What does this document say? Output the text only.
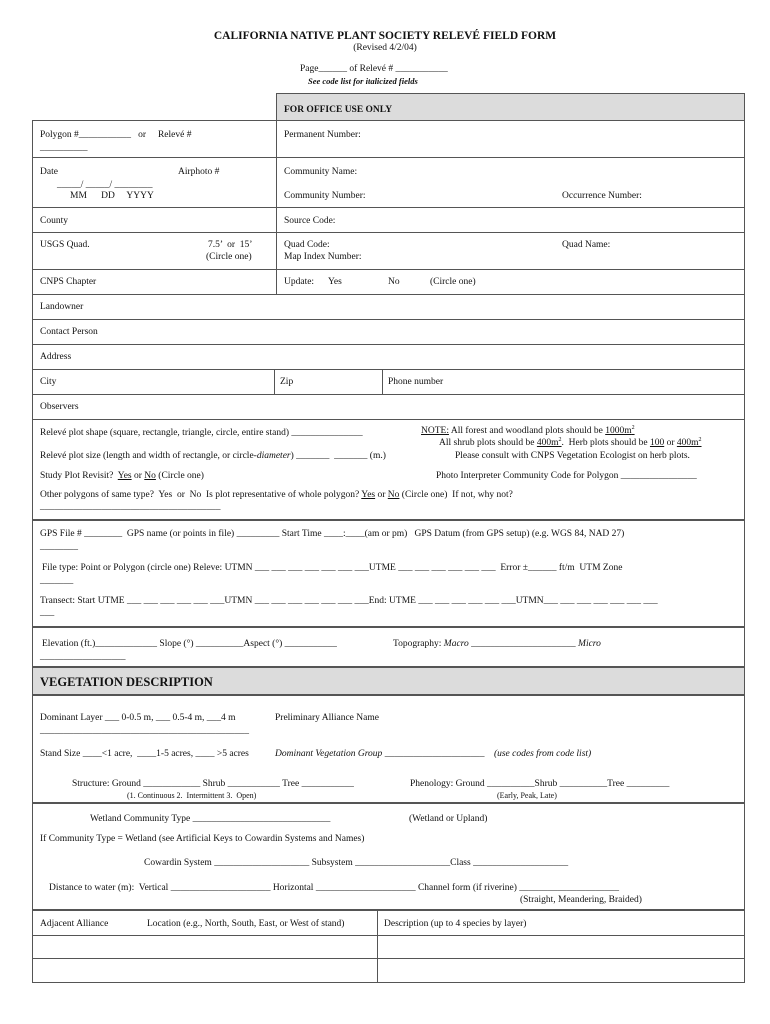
CALIFORNIA NATIVE PLANT SOCIETY RELEVÉ FIELD FORM
(Revised 4/2/04)
Page______ of Relevé # ___________
See code list for italicized fields
FOR OFFICE USE ONLY
Polygon #___________   or     Relevé #
__________
Permanent Number:
Date	Airphoto #
_____/ _____/ ________
MM      DD     YYYY
Community Name:
Community Number:	Occurrence Number:
County	Source Code:
USGS Quad.	7.5’  or  15’
(Circle one)
Quad Code:
Map Index Number:
Quad Name:
CNPS Chapter	Update: Yes	No	(Circle one)
Landowner
Contact Person
Address
City	Zip	Phone number
Observers
Relevé plot shape (square, rectangle, triangle, circle, entire stand) _______________	NOTE: All forest and woodland plots should be $1000m^2$
All shrub plots should be $400m^2$.  Herb plots should be 100 or $400m^2$
Relevé plot size (length and width of rectangle, or circle-diameter) _______  _______ (m.)	Please consult with CNPS Vegetation Ecologist on herb plots.
Study Plot Revisit? Yes or No (Circle one)	Photo Interpreter Community Code for Polygon ________________
Other polygons of same type?  Yes  or  No  Is plot representative of whole polygon? Yes or No (Circle one)  If not, why not?
______________________________________
GPS File # ________  GPS name (or points in file) _________ Start Time ____:____(am or pm)   GPS Datum (from GPS setup) (e.g. WGS 84, NAD 27)
________
File type: Point or Polygon (circle one) Releve: UTMN ___ ___ ___ ___ ___ ___ ___UTME ___ ___ ___ ___ ___ ___  Error ±______ ft/m  UTM Zone
_______
Transect: Start UTME ___ ___ ___ ___ ___ ___UTMN ___ ___ ___ ___ ___ ___ ___End: UTME ___ ___ ___ ___ ___ ___UTMN___ ___ ___ ___ ___ ___ ___
___
Elevation (ft.)_____________ Slope (°) __________Aspect (°) ___________	Topography: Macro ______________________ Micro
__________________
VEGETATION DESCRIPTION
Dominant Layer ___ 0-0.5 m, ___ 0.5-4 m, ___4 m	Preliminary Alliance Name
____________________________________________
Stand Size ____<1 acre,  ____1-5 acres, ____ >5 acres	Dominant Vegetation Group _____________________ (use codes from code list)
Structure: Ground ____________ Shrub ___________ Tree ___________
(1. Continuous 2.  Intermittent 3.  Open)
Phenology: Ground __________Shrub __________Tree _________
(Early, Peak, Late)
Wetland Community Type _____________________________	(Wetland or Upland)
If Community Type = Wetland (see Artificial Keys to Cowardin Systems and Names)
Cowardin System ____________________ Subsystem ____________________Class ____________________
Distance to water (m):  Vertical _____________________ Horizontal _____________________ Channel form (if riverine) _____________________
(Straight, Meandering, Braided)
Adjacent Alliance	Location (e.g., North, South, East, or West of stand)	Description (up to 4 species by layer)
